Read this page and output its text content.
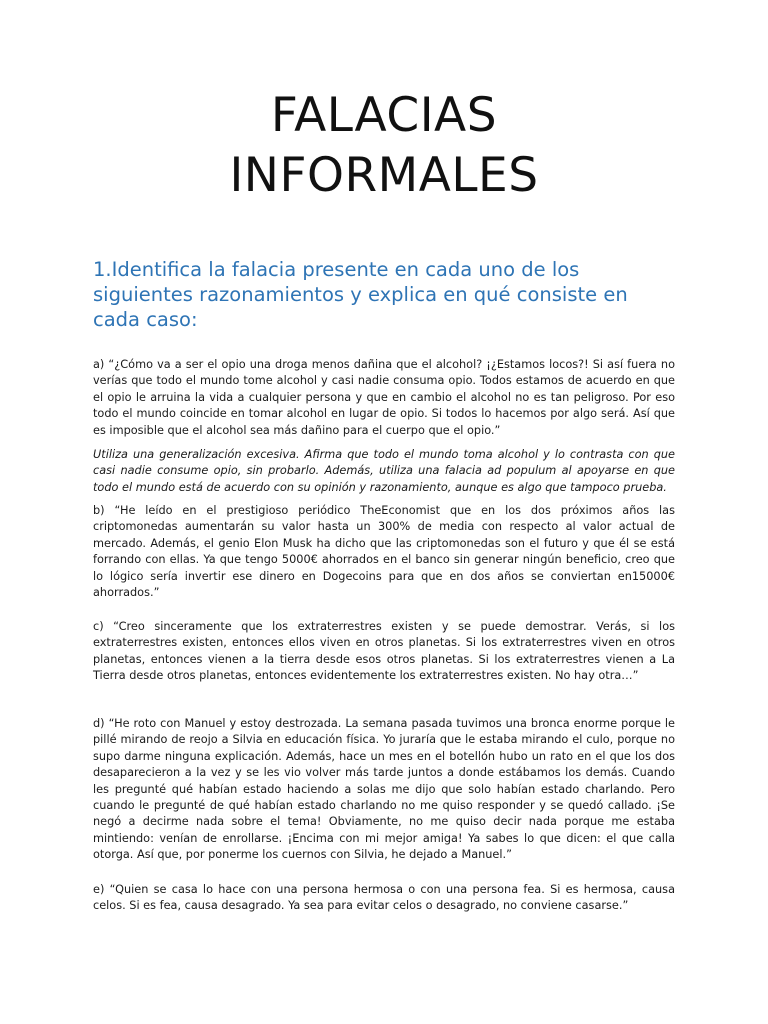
FALACIAS
INFORMALES
1.Identifica la falacia presente en cada uno de los siguientes razonamientos y explica en qué consiste en cada caso:

a) “¿Cómo va a ser el opio una droga menos dañina que el alcohol? ¡¿Estamos locos?! Si así fuera no verías que todo el mundo tome alcohol y casi nadie consuma opio. Todos estamos de acuerdo en que el opio le arruina la vida a cualquier persona y que en cambio el alcohol no es tan peligroso. Por eso todo el mundo coincide en tomar alcohol en lugar de opio. Si todos lo hacemos por algo será. Así que es imposible que el alcohol sea más dañino para el cuerpo que el opio.”

Utiliza una generalización excesiva. Afirma que todo el mundo toma alcohol y lo contrasta con que casi nadie consume opio, sin probarlo. Además, utiliza una falacia ad populum al apoyarse en que todo el mundo está de acuerdo con su opinión y razonamiento, aunque es algo que tampoco prueba.

b) “He leído en el prestigioso periódico TheEconomist que en los dos próximos años las criptomonedas aumentarán su valor hasta un 300% de media con respecto al valor actual de mercado. Además, el genio Elon Musk ha dicho que las criptomonedas son el futuro y que él se está forrando con ellas. Ya que tengo 5000€ ahorrados en el banco sin generar ningún beneficio, creo que lo lógico sería invertir ese dinero en Dogecoins para que en dos años se conviertan en15000€ ahorrados.”

c) “Creo sinceramente que los extraterrestres existen y se puede demostrar. Verás, si los extraterrestres existen, entonces ellos viven en otros planetas. Si los extraterrestres viven en otros planetas, entonces vienen a la tierra desde esos otros planetas. Si los extraterrestres vienen a La Tierra desde otros planetas, entonces evidentemente los extraterrestres existen. No hay otra…”

d) “He roto con Manuel y estoy destrozada. La semana pasada tuvimos una bronca enorme porque le pillé mirando de reojo a Silvia en educación física. Yo juraría que le estaba mirando el culo, porque no supo darme ninguna explicación. Además, hace un mes en el botellón hubo un rato en el que los dos desaparecieron a la vez y se les vio volver más tarde juntos a donde estábamos los demás. Cuando les pregunté qué habían estado haciendo a solas me dijo que solo habían estado charlando. Pero cuando le pregunté de qué habían estado charlando no me quiso responder y se quedó callado. ¡Se negó a decirme nada sobre el tema! Obviamente, no me quiso decir nada porque me estaba mintiendo: venían de enrollarse. ¡Encima con mi mejor amiga! Ya sabes lo que dicen: el que calla otorga. Así que, por ponerme los cuernos con Silvia, he dejado a Manuel.”

e) “Quien se casa lo hace con una persona hermosa o con una persona fea. Si es hermosa, causa celos. Si es fea, causa desagrado. Ya sea para evitar celos o desagrado, no conviene casarse.”
